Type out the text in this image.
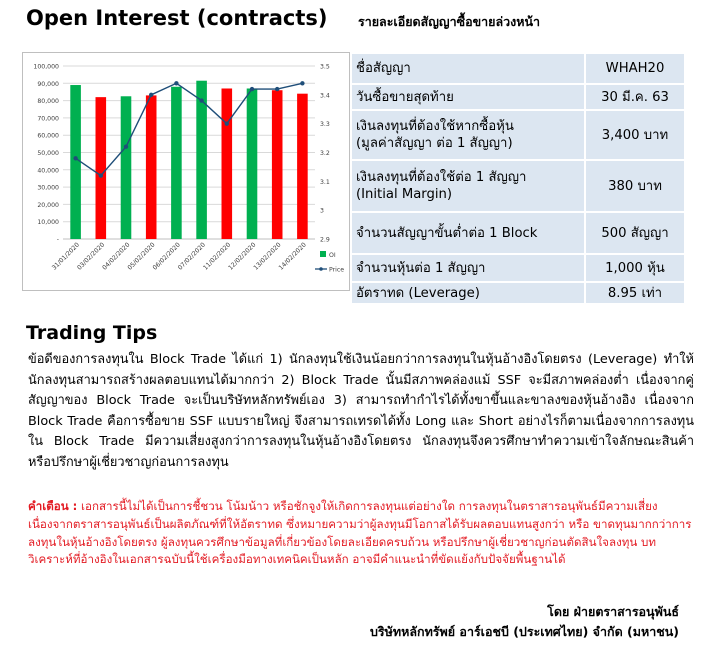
Open Interest (contracts) รายละเอียดสัญญาซื้อขายล่วงหน้า
-
10,000
20,000
30,000
40,000
50,000
60,000
70,000
80,000
90,000
100,000
2.9
3
3.1
3.2
3.3
3.4
3.5
31/01/2020
03/02/2020
04/02/2020
05/02/2020
06/02/2020
07/02/2020
11/02/2020
12/02/2020
13/02/2020
14/02/2020	OI
Price
ชื่อสัญญา	WHAH20
วันซื้อขายสุดท้าย	30 มี.ค. 63
เงินลงทุนที่ต้องใช้หากซื้อหุ้น
(มูลค่าสัญญา ต่อ 1 สัญญา)	3,400 บาท
เงินลงทุนที่ต้องใช้ต่อ 1 สัญญา
(Initial Margin)	380 บาท
จำนวนสัญญาขั้นต่ำต่อ 1 Block	500 สัญญา
จำนวนหุ้นต่อ 1 สัญญา	1,000 หุ้น
อัตราทด (Leverage)	8.95 เท่า
Trading Tips
ข้อดีของการลงทุนใน Block Trade ได้แก่ 1) นักลงทุนใช้เงินน้อยกว่าการลงทุนในหุ้นอ้างอิงโดยตรง (Leverage) ทำให้นักลงทุนสามารถสร้างผลตอบแทนได้มากกว่า 2) Block Trade นั้นมีสภาพคล่องแม้ SSF จะมีสภาพคล่องต่ำ เนื่องจากคู่สัญญาของ Block Trade จะเป็นบริษัทหลักทรัพย์เอง 3) สามารถทำกำไรได้ทั้งขาขึ้นและขาลงของหุ้นอ้างอิง เนื่องจาก Block Trade คือการซื้อขาย SSF แบบรายใหญ่ จึงสามารถเทรดได้ทั้ง Long และ Short อย่างไรก็ตามเนื่องจากการลงทุนใน Block Trade มีความเสี่ยงสูงกว่าการลงทุนในหุ้นอ้างอิงโดยตรง นักลงทุนจึงควรศึกษาทำความเข้าใจลักษณะสินค้า หรือปรึกษาผู้เชี่ยวชาญก่อนการลงทุน
คำเตือน : เอกสารนี้ไม่ได้เป็นการชี้ชวน โน้มน้าว หรือชักจูงให้เกิดการลงทุนแต่อย่างใด การลงทุนในตราสารอนุพันธ์มีความเสี่ยง เนื่องจากตราสารอนุพันธ์เป็นผลิตภัณฑ์ที่ให้อัตราทด ซึ่งหมายความว่าผู้ลงทุนมีโอกาสได้รับผลตอบแทนสูงกว่า หรือ ขาดทุนมากกว่าการลงทุนในหุ้นอ้างอิงโดยตรง ผู้ลงทุนควรศึกษาข้อมูลที่เกี่ยวข้องโดยละเอียดครบถ้วน หรือปรึกษาผู้เชี่ยวชาญก่อนตัดสินใจลงทุน บทวิเคราะห์ที่อ้างอิงในเอกสารฉบับนี้ใช้เครื่องมือทางเทคนิคเป็นหลัก อาจมีคำแนะนำที่ขัดแย้งกับปัจจัยพื้นฐานได้
โดย ฝ่ายตราสารอนุพันธ์
บริษัทหลักทรัพย์ อาร์เอชบี (ประเทศไทย) จำกัด (มหาชน)
